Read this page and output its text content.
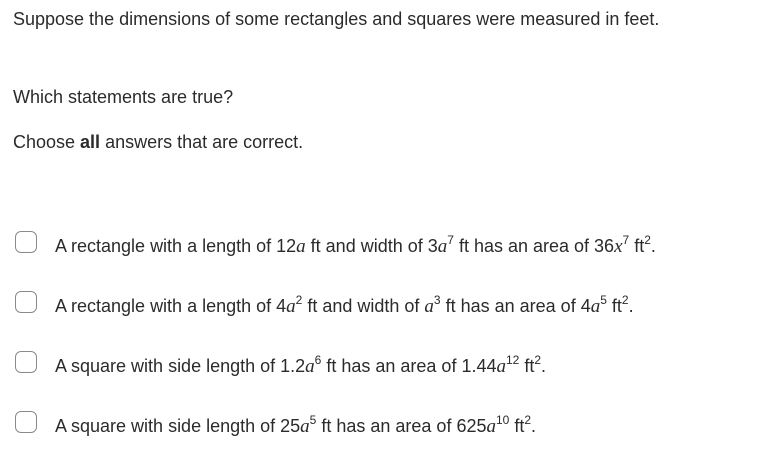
Suppose the dimensions of some rectangles and squares were measured in feet.
Which statements are true?
Choose all answers that are correct.
A rectangle with a length of 12a ft and width of $3a^7$ ft has an area of $36x^7$ $ft^2$.
A rectangle with a length of $4a^2$ ft and width of $a^3$ ft has an area of $4a^5$ $ft^2$.
A square with side length of $1.2a^6$ ft has an area of $1.44a^{12}$ $ft^2$.
A square with side length of $25a^5$ ft has an area of $625a^{10}$ $ft^2$.
